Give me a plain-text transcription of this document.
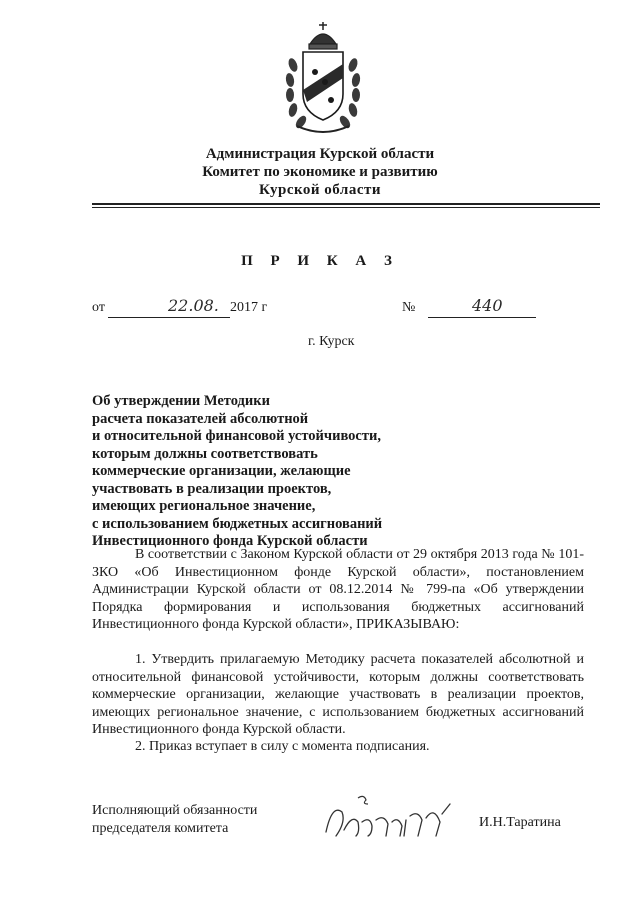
Администрация Курской области
Комитет по экономике и развитию
Курской области
П Р И К А З
от	22.08. 2017 г	№	440
г. Курск
Об утверждении Методики
расчета показателей абсолютной
и относительной финансовой устойчивости,
которым должны соответствовать
коммерческие организации, желающие
участвовать в реализации проектов,
имеющих региональное значение,
с использованием бюджетных ассигнований
Инвестиционного фонда Курской области
В соответствии с Законом Курской области от 29 октября 2013 года № 101-ЗКО «Об Инвестиционном фонде Курской области», постановлением Администрации Курской области от 08.12.2014 № 799-па «Об утверждении Порядка формирования и использования бюджетных ассигнований Инвестиционного фонда Курской области», ПРИКАЗЫВАЮ:
1. Утвердить прилагаемую Методику расчета показателей абсолютной и относительной финансовой устойчивости, которым должны соответствовать коммерческие организации, желающие участвовать в реализации проектов, имеющих региональное значение, с использованием бюджетных ассигнований Инвестиционного фонда Курской области.
2. Приказ вступает в силу с момента подписания.
Исполняющий обязанности
председателя комитета	И.Н.Таратина
